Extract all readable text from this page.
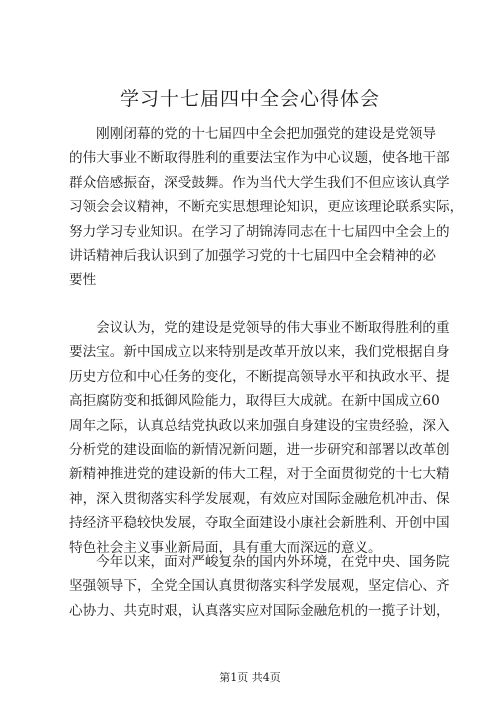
学习十七届四中全会心得体会

　　刚刚闭幕的党的十七届四中全会把加强党的建设是党领导
的伟大事业不断取得胜利的重要法宝作为中心议题，使各地干部
群众倍感振奋，深受鼓舞。作为当代大学生我们不但应该认真学
习领会会议精神，不断充实思想理论知识，更应该理论联系实际，
努力学习专业知识。在学习了胡锦涛同志在十七届四中全会上的
讲话精神后我认识到了加强学习党的十七届四中全会精神的必
要性

　　会议认为，党的建设是党领导的伟大事业不断取得胜利的重
要法宝。新中国成立以来特别是改革开放以来，我们党根据自身
历史方位和中心任务的变化，不断提高领导水平和执政水平、提
高拒腐防变和抵御风险能力，取得巨大成就。在新中国成立60
周年之际，认真总结党执政以来加强自身建设的宝贵经验，深入
分析党的建设面临的新情况新问题，进一步研究和部署以改革创
新精神推进党的建设新的伟大工程，对于全面贯彻党的十七大精
神，深入贯彻落实科学发展观，有效应对国际金融危机冲击、保
持经济平稳较快发展，夺取全面建设小康社会新胜利、开创中国
特色社会主义事业新局面，具有重大而深远的意义。

　　今年以来，面对严峻复杂的国内外环境，在党中央、国务院
坚强领导下，全党全国认真贯彻落实科学发展观，坚定信心、齐
心协力、共克时艰，认真落实应对国际金融危机的一揽子计划，

第1页 共4页
